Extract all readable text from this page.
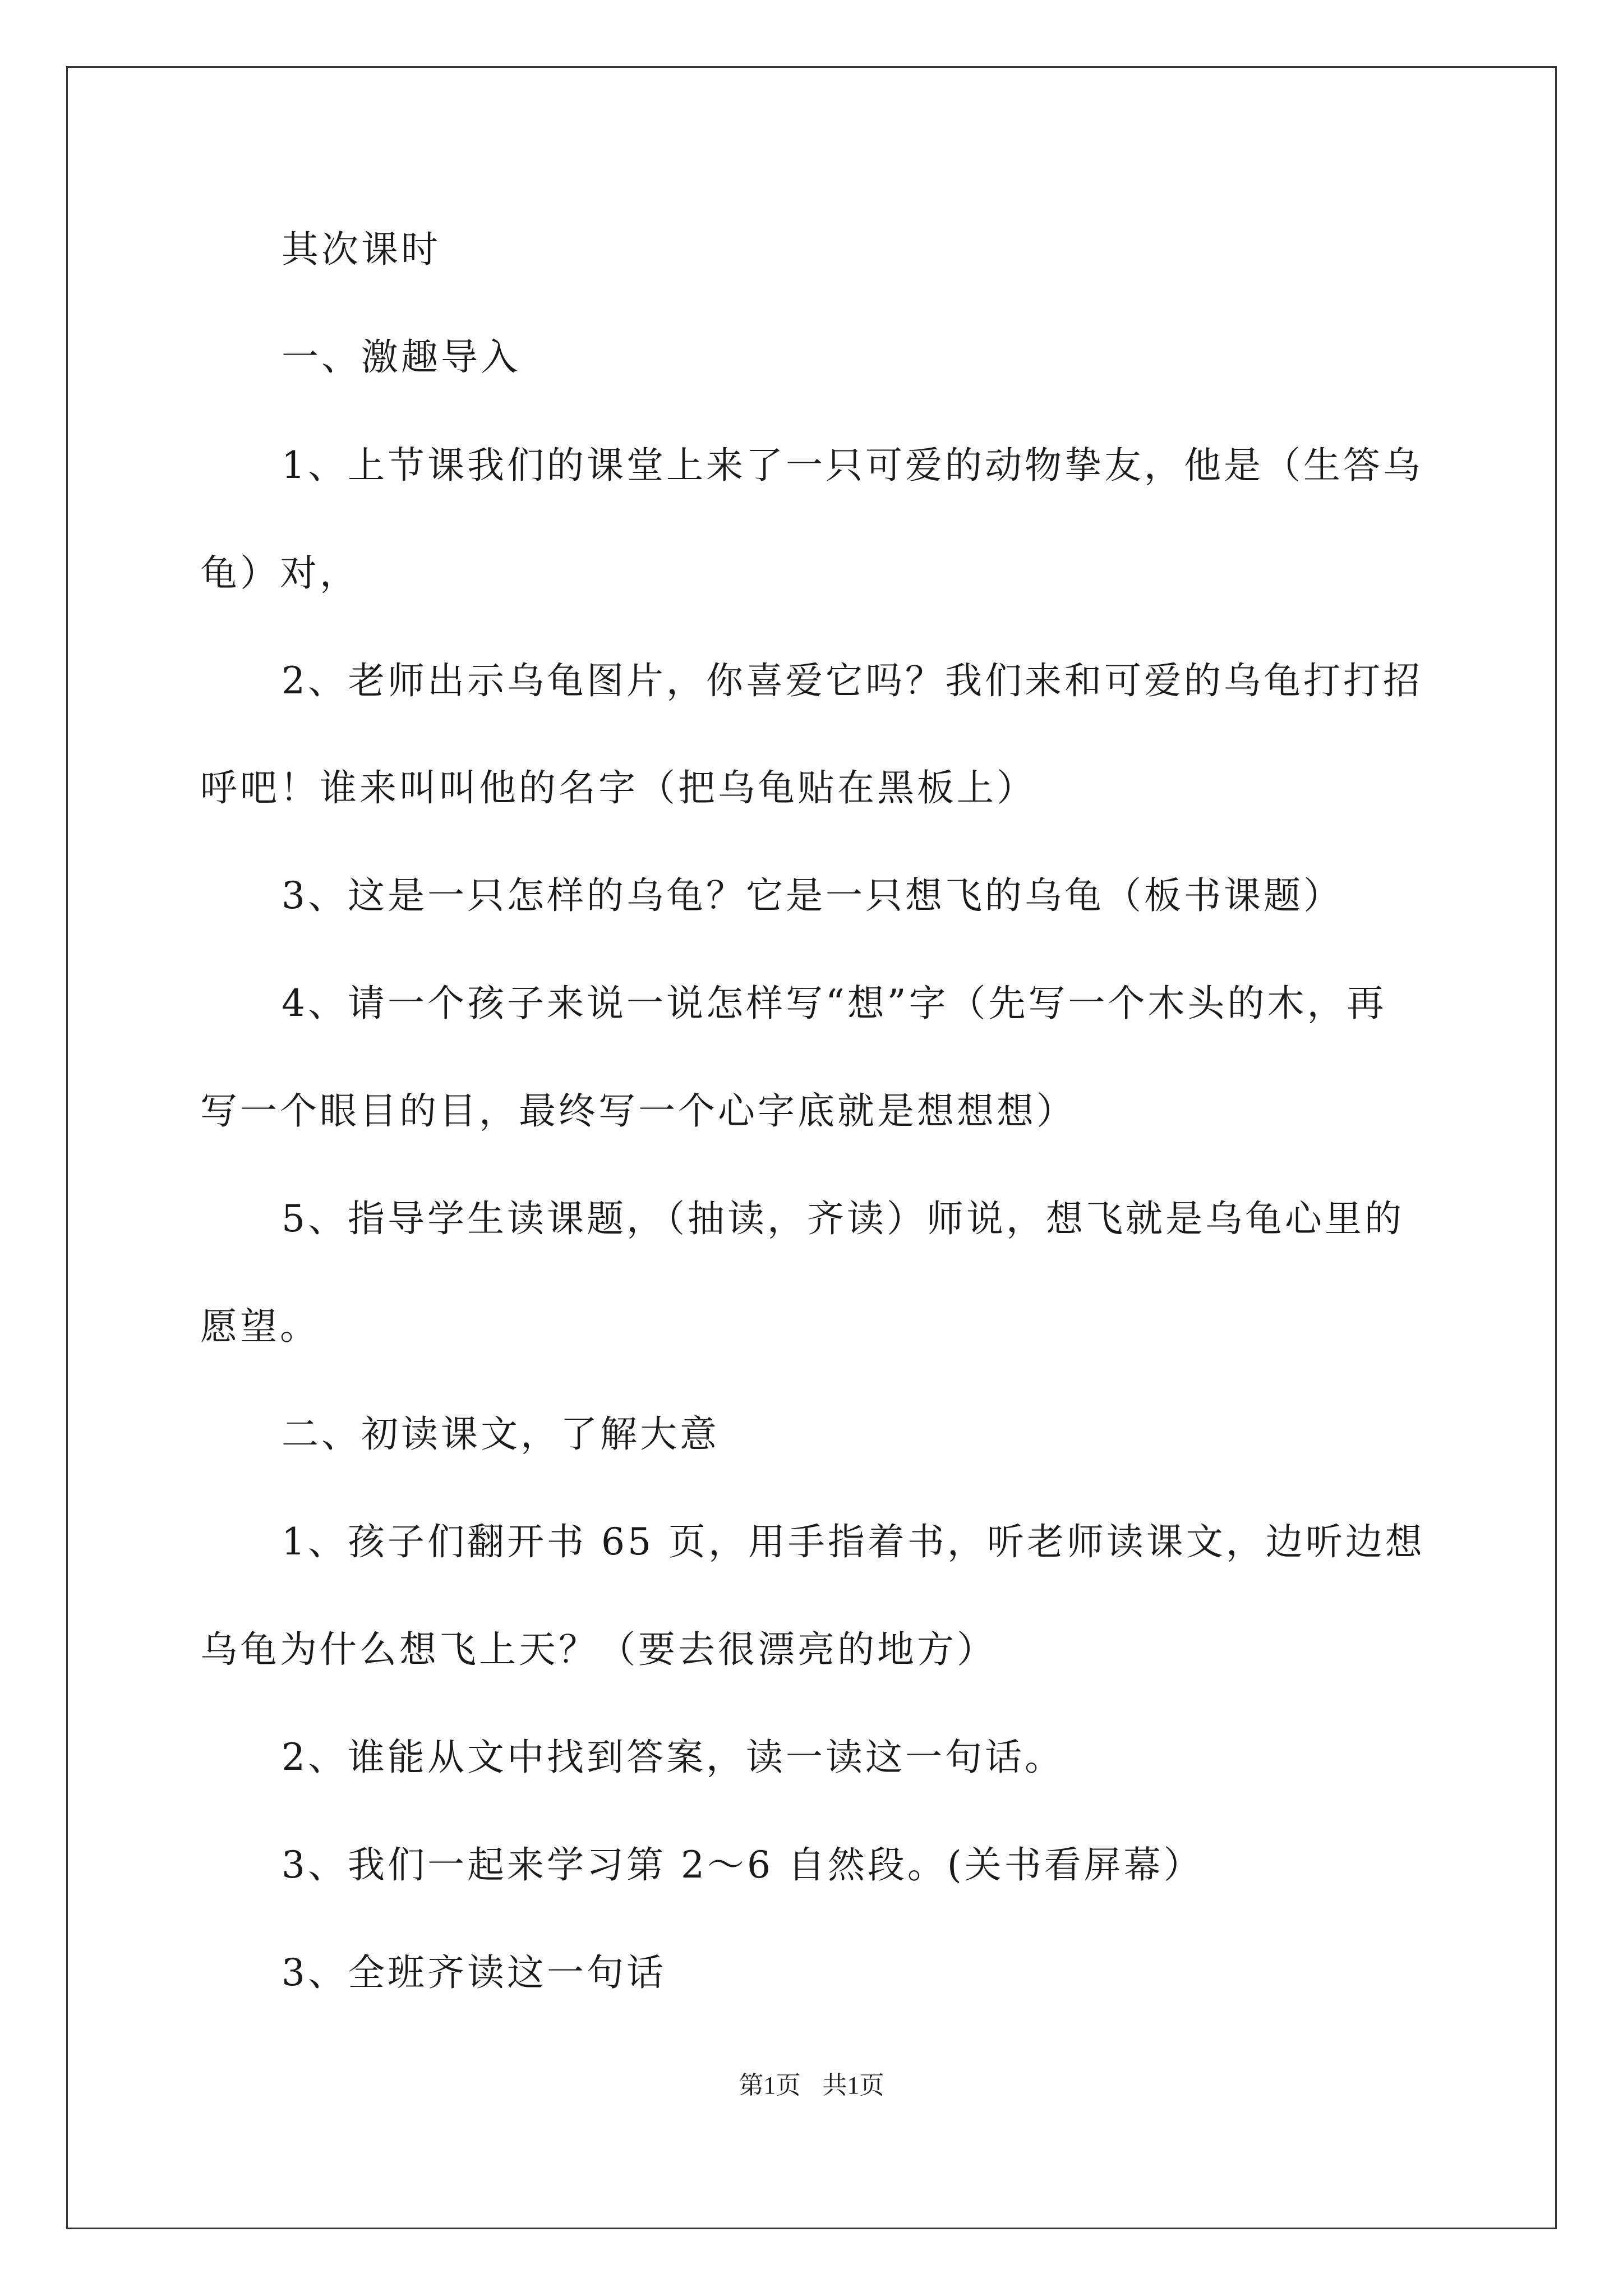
其次课时
一、激趣导入
1、上节课我们的课堂上来了一只可爱的动物挚友，他是（生答乌
龟）对，
2、老师出示乌龟图片，你喜爱它吗？我们来和可爱的乌龟打打招
呼吧！谁来叫叫他的名字（把乌龟贴在黑板上）
3、这是一只怎样的乌龟？它是一只想飞的乌龟（板书课题）
4、请一个孩子来说一说怎样写“想”字（先写一个木头的木，再
写一个眼目的目，最终写一个心字底就是想想想）
5、指导学生读课题，（抽读，齐读）师说，想飞就是乌龟心里的
愿望。
二、初读课文，了解大意
1、孩子们翻开书 65 页，用手指着书，听老师读课文，边听边想
乌龟为什么想飞上天？（要去很漂亮的地方）
2、谁能从文中找到答案，读一读这一句话。
3、我们一起来学习第 2～6 自然段。(关书看屏幕）
3、全班齐读这一句话
第1页 共1页
